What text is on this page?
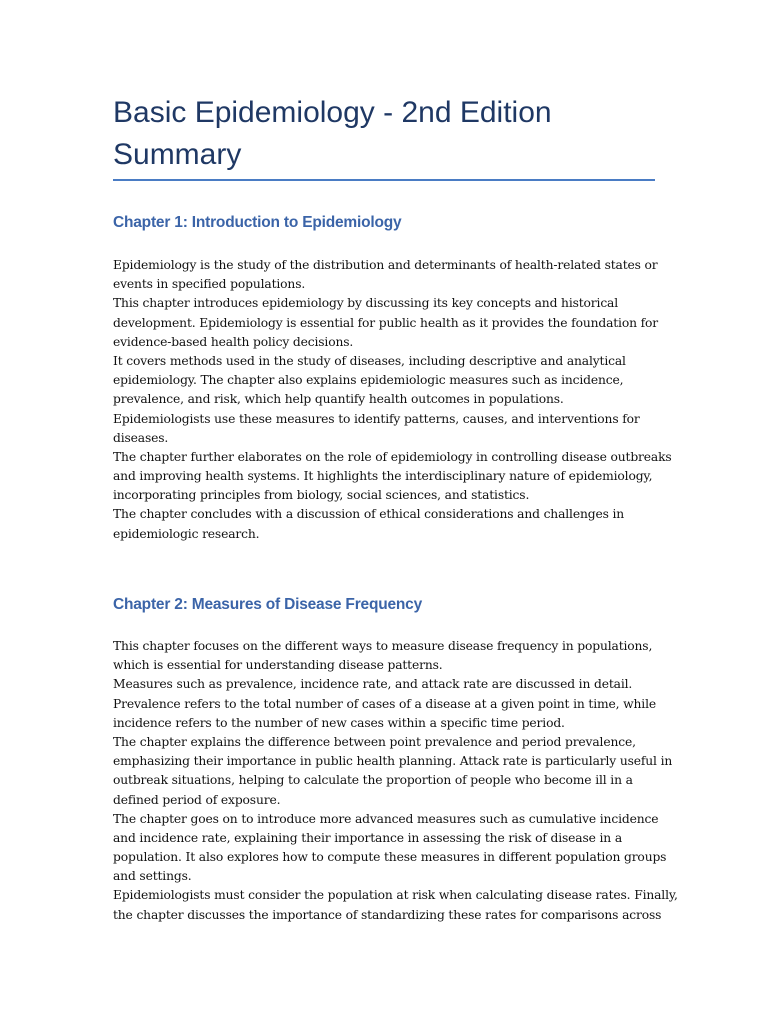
Basic Epidemiology - 2nd Edition
Summary
Chapter 1: Introduction to Epidemiology
Epidemiology is the study of the distribution and determinants of health-related states or
events in specified populations.
This chapter introduces epidemiology by discussing its key concepts and historical
development. Epidemiology is essential for public health as it provides the foundation for
evidence-based health policy decisions.
It covers methods used in the study of diseases, including descriptive and analytical
epidemiology. The chapter also explains epidemiologic measures such as incidence,
prevalence, and risk, which help quantify health outcomes in populations.
Epidemiologists use these measures to identify patterns, causes, and interventions for
diseases.
The chapter further elaborates on the role of epidemiology in controlling disease outbreaks
and improving health systems. It highlights the interdisciplinary nature of epidemiology,
incorporating principles from biology, social sciences, and statistics.
The chapter concludes with a discussion of ethical considerations and challenges in
epidemiologic research.
Chapter 2: Measures of Disease Frequency
This chapter focuses on the different ways to measure disease frequency in populations,
which is essential for understanding disease patterns.
Measures such as prevalence, incidence rate, and attack rate are discussed in detail.
Prevalence refers to the total number of cases of a disease at a given point in time, while
incidence refers to the number of new cases within a specific time period.
The chapter explains the difference between point prevalence and period prevalence,
emphasizing their importance in public health planning. Attack rate is particularly useful in
outbreak situations, helping to calculate the proportion of people who become ill in a
defined period of exposure.
The chapter goes on to introduce more advanced measures such as cumulative incidence
and incidence rate, explaining their importance in assessing the risk of disease in a
population. It also explores how to compute these measures in different population groups
and settings.
Epidemiologists must consider the population at risk when calculating disease rates. Finally,
the chapter discusses the importance of standardizing these rates for comparisons across
